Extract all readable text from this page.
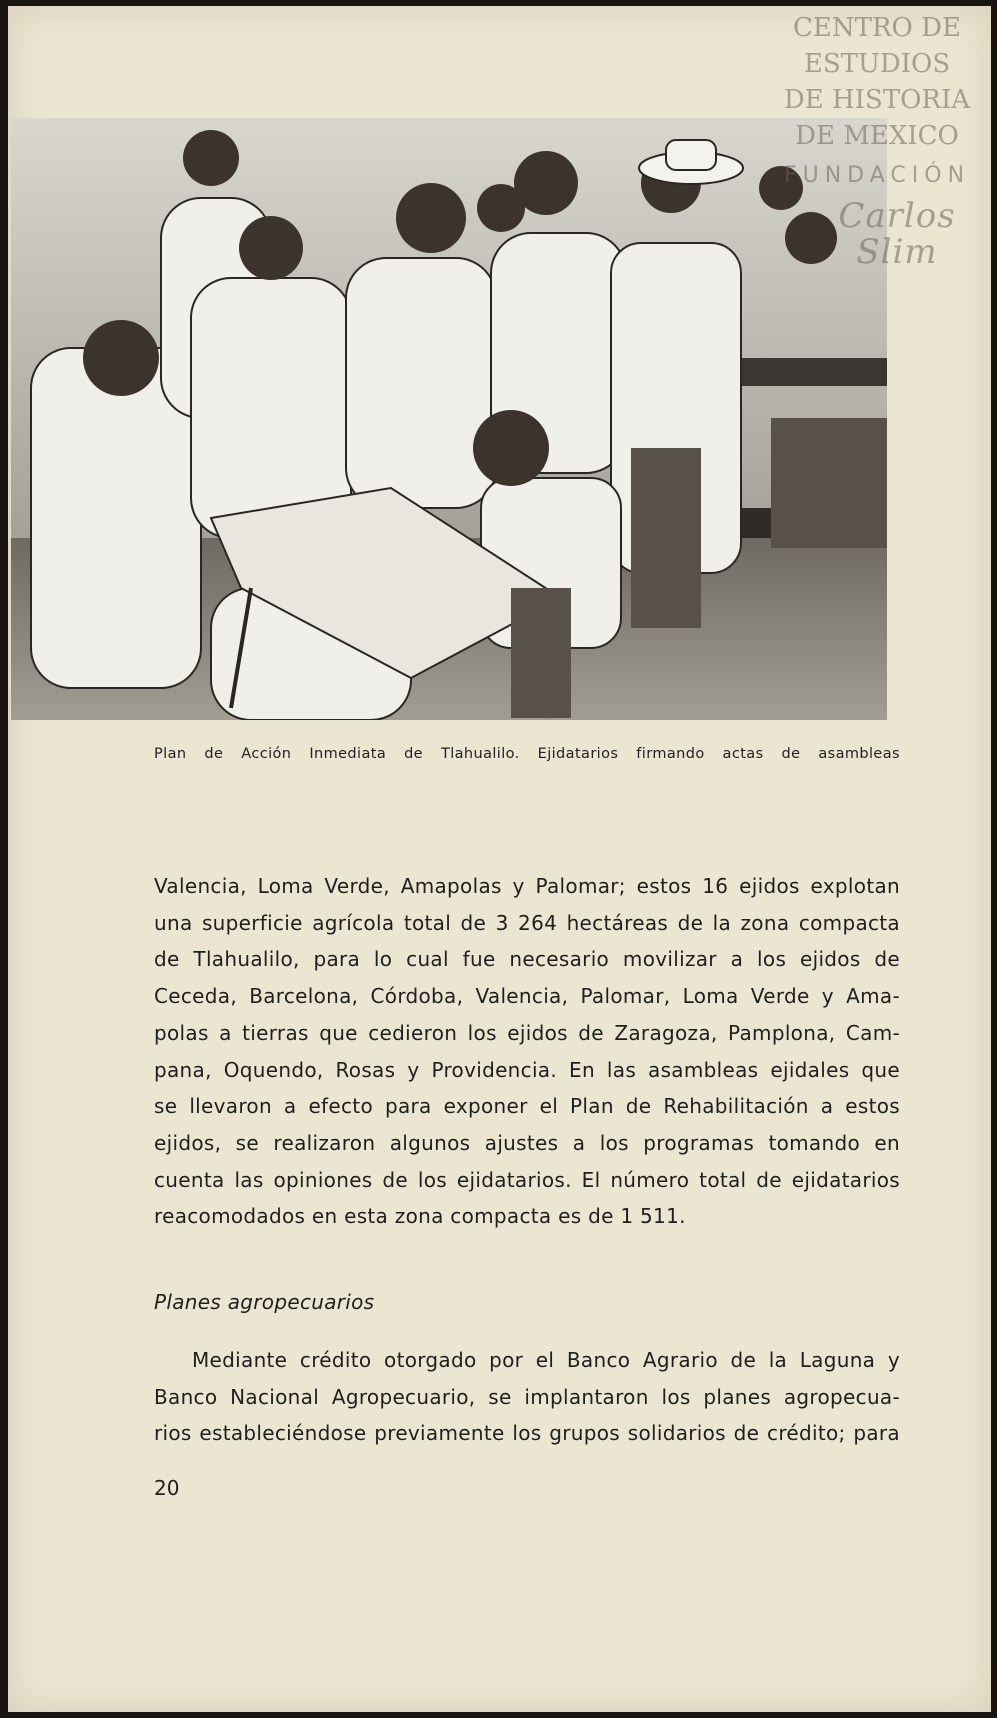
Plan de Acción Inmediata de Tlahualilo. Ejidatarios firmando actas de asambleas
Valencia, Loma Verde, Amapolas y Palomar; estos 16 ejidos explotan
una superficie agrícola total de 3 264 hectáreas de la zona compacta
de Tlahualilo, para lo cual fue necesario movilizar a los ejidos de
Ceceda, Barcelona, Córdoba, Valencia, Palomar, Loma Verde y Ama-
polas a tierras que cedieron los ejidos de Zaragoza, Pamplona, Cam-
pana, Oquendo, Rosas y Providencia. En las asambleas ejidales que
se llevaron a efecto para exponer el Plan de Rehabilitación a estos
ejidos, se realizaron algunos ajustes a los programas tomando en
cuenta las opiniones de los ejidatarios. El número total de ejidatarios
reacomodados en esta zona compacta es de 1 511.
Planes agropecuarios
Mediante crédito otorgado por el Banco Agrario de la Laguna y
Banco Nacional Agropecuario, se implantaron los planes agropecua-
rios estableciéndose previamente los grupos solidarios de crédito; para
20
CENTRO DE
ESTUDIOS
DE HISTORIA
DE MEXICO
FUNDACIÓN
Carlos Slim
